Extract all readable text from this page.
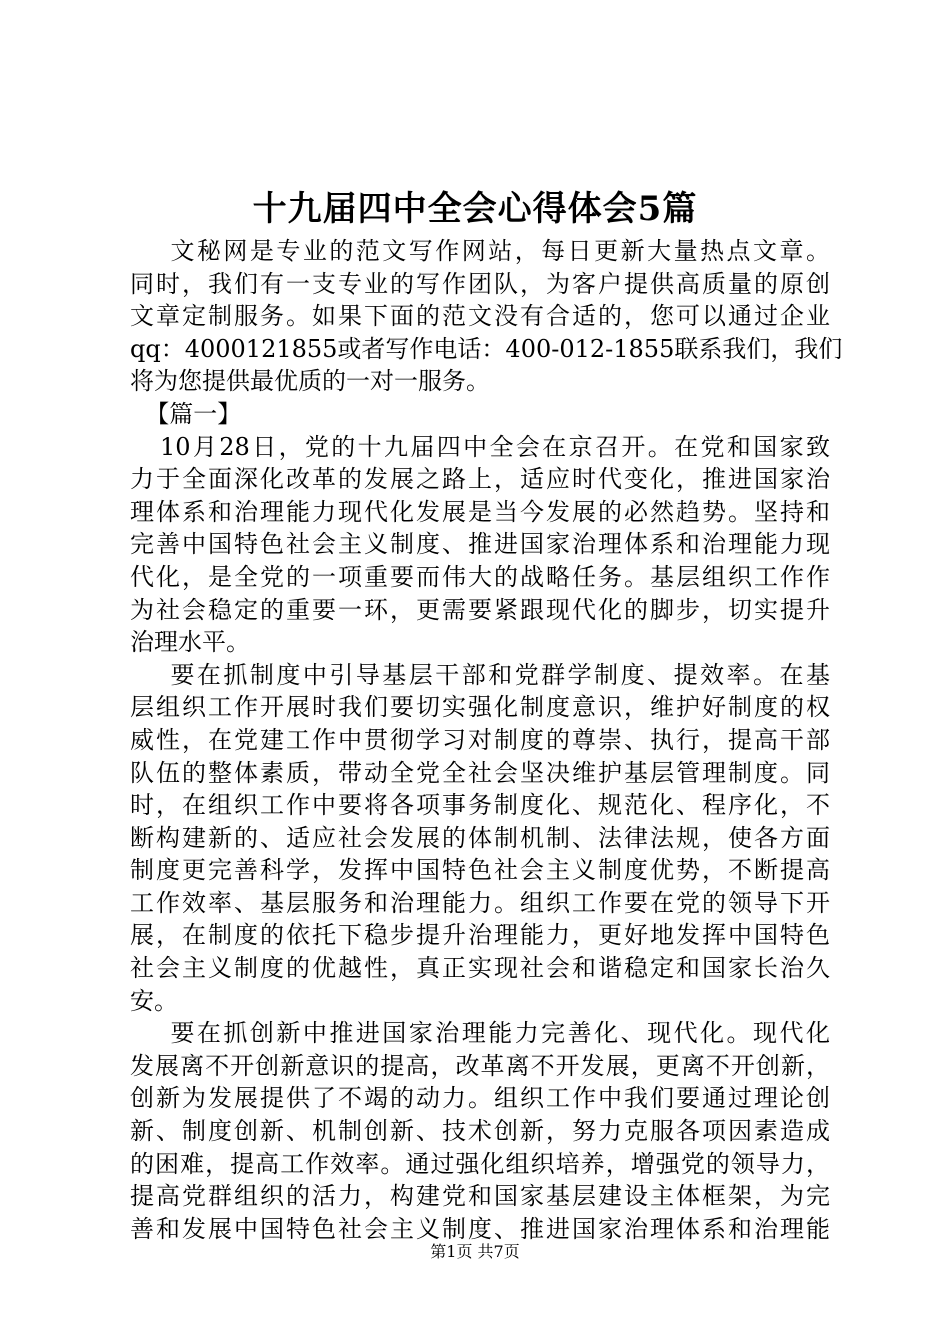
十九届四中全会心得体会5篇
文秘网是专业的范文写作网站，每日更新大量热点文章。
同时，我们有一支专业的写作团队，为客户提供高质量的原创
文章定制服务。如果下面的范文没有合适的，您可以通过企业
qq：4000121855或者写作电话：400-012-1855联系我们，我们
将为您提供最优质的一对一服务。
【篇一】
10月28日，党的十九届四中全会在京召开。在党和国家致
力于全面深化改革的发展之路上，适应时代变化，推进国家治
理体系和治理能力现代化发展是当今发展的必然趋势。坚持和
完善中国特色社会主义制度、推进国家治理体系和治理能力现
代化，是全党的一项重要而伟大的战略任务。基层组织工作作
为社会稳定的重要一环，更需要紧跟现代化的脚步，切实提升
治理水平。
要在抓制度中引导基层干部和党群学制度、提效率。在基
层组织工作开展时我们要切实强化制度意识，维护好制度的权
威性，在党建工作中贯彻学习对制度的尊崇、执行，提高干部
队伍的整体素质，带动全党全社会坚决维护基层管理制度。同
时，在组织工作中要将各项事务制度化、规范化、程序化，不
断构建新的、适应社会发展的体制机制、法律法规，使各方面
制度更完善科学，发挥中国特色社会主义制度优势，不断提高
工作效率、基层服务和治理能力。组织工作要在党的领导下开
展，在制度的依托下稳步提升治理能力，更好地发挥中国特色
社会主义制度的优越性，真正实现社会和谐稳定和国家长治久
安。
要在抓创新中推进国家治理能力完善化、现代化。现代化
发展离不开创新意识的提高，改革离不开发展，更离不开创新，
创新为发展提供了不竭的动力。组织工作中我们要通过理论创
新、制度创新、机制创新、技术创新，努力克服各项因素造成
的困难，提高工作效率。通过强化组织培养，增强党的领导力，
提高党群组织的活力，构建党和国家基层建设主体框架，为完
善和发展中国特色社会主义制度、推进国家治理体系和治理能
第1页 共7页
